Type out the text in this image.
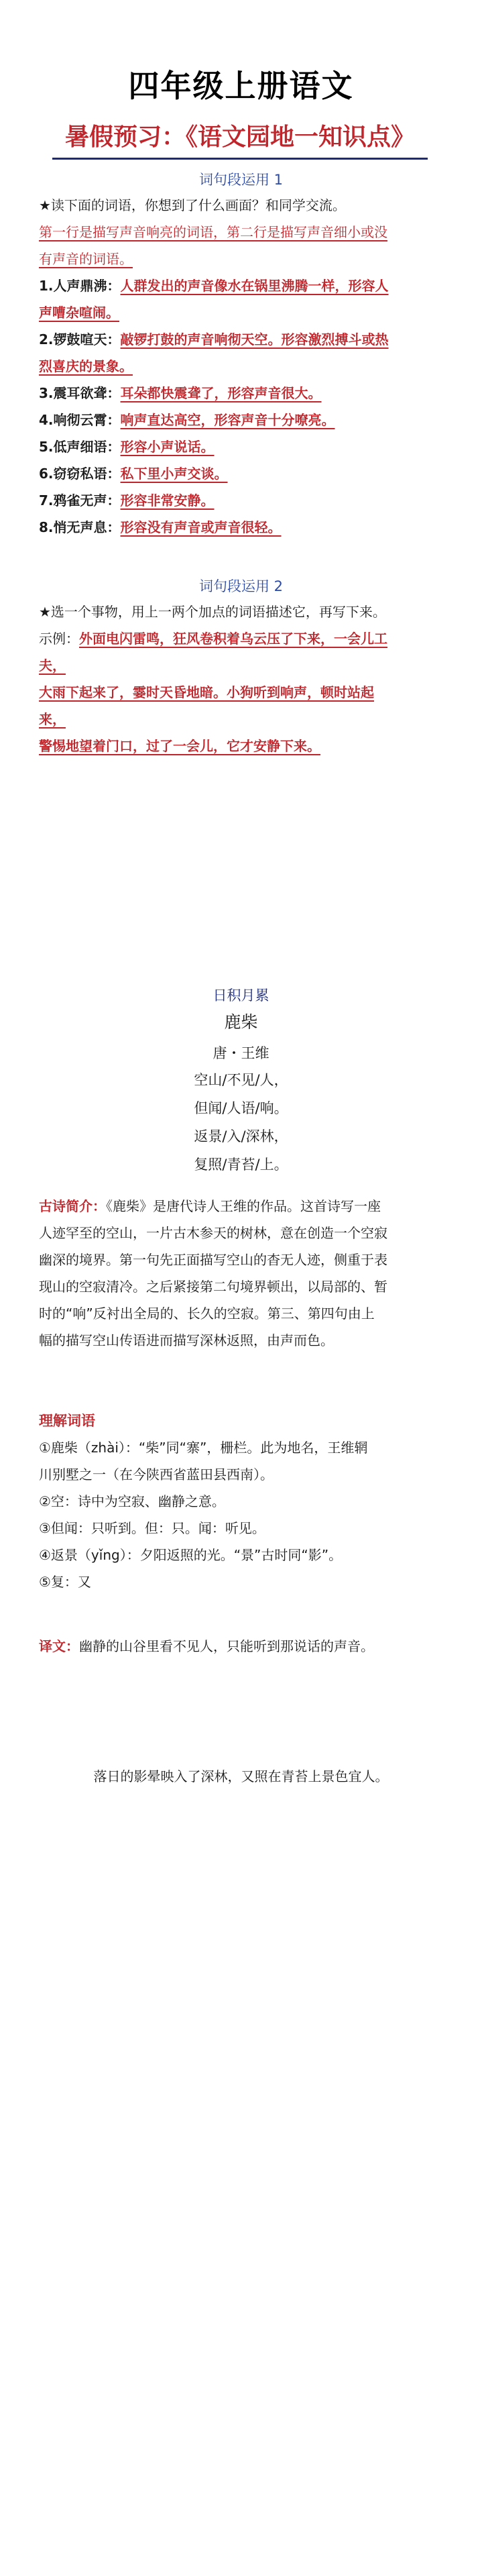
四年级上册语文
暑假预习：《语文园地一知识点》
词句段运用 1
★读下面的词语，你想到了什么画面？和同学交流。
第一行是描写声音响亮的词语，第二行是描写声音细小或没
有声音的词语。
1.人声鼎沸：人群发出的声音像水在锅里沸腾一样，形容人
声嘈杂喧闹。
2.锣鼓喧天：敲锣打鼓的声音响彻天空。形容激烈搏斗或热
烈喜庆的景象。
3.震耳欲聋：耳朵都快震聋了，形容声音很大。
4.响彻云霄：响声直达高空，形容声音十分嘹亮。
5.低声细语：形容小声说话。
6.窃窃私语：私下里小声交谈。
7.鸦雀无声：形容非常安静。
8.悄无声息：形容没有声音或声音很轻。
词句段运用 2
★选一个事物，用上一两个加点的词语描述它，再写下来。
示例：外面电闪雷鸣，狂风卷积着乌云压了下来，一会儿工
夫，
大雨下起来了，霎时天昏地暗。小狗听到响声，顿时站起
来，
警惕地望着门口，过了一会儿，它才安静下来。
日积月累
鹿柴
唐・王维
空山/不见/人，
但闻/人语/响。
返景/入/深林，
复照/青苔/上。
古诗简介：《鹿柴》是唐代诗人王维的作品。这首诗写一座
人迹罕至的空山，一片古木参天的树林，意在创造一个空寂
幽深的境界。第一句先正面描写空山的杳无人迹，侧重于表
现山的空寂清冷。之后紧接第二句境界顿出，以局部的、暂
时的“响”反衬出全局的、长久的空寂。第三、第四句由上
幅的描写空山传语进而描写深林返照，由声而色。
理解词语
①鹿柴（zhài）：“柴”同“寨”，栅栏。此为地名，王维辋
川别墅之一（在今陕西省蓝田县西南）。
②空：诗中为空寂、幽静之意。
③但闻：只听到。但：只。闻：听见。
④返景（yǐng）：夕阳返照的光。“景”古时同“影”。
⑤复：又
译文：幽静的山谷里看不见人，只能听到那说话的声音。
落日的影晕映入了深林，又照在青苔上景色宜人。
